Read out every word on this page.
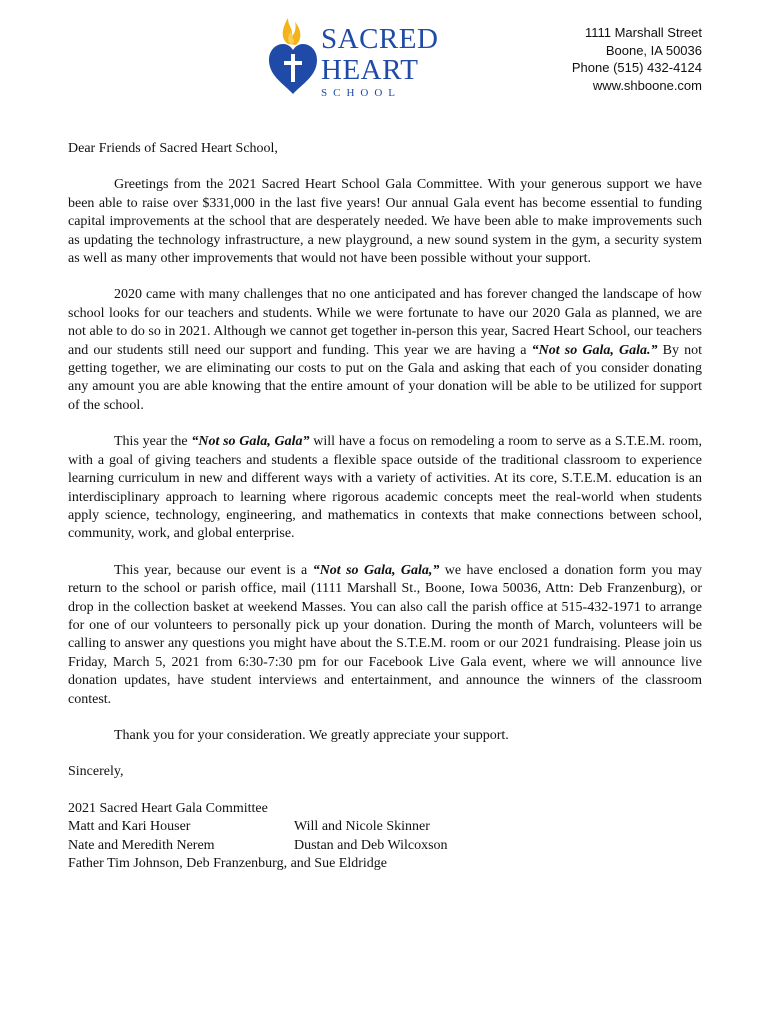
SACRED
HEART
SCHOOL
1111 Marshall Street
Boone, IA 50036
Phone (515) 432-4124
www.shboone.com

Dear Friends of Sacred Heart School,

Greetings from the 2021 Sacred Heart School Gala Committee. With your generous support we have been able to raise over $331,000 in the last five years! Our annual Gala event has become essential to funding capital improvements at the school that are desperately needed. We have been able to make improvements such as updating the technology infrastructure, a new playground, a new sound system in the gym, a security system as well as many other improvements that would not have been possible without your support.

2020 came with many challenges that no one anticipated and has forever changed the landscape of how school looks for our teachers and students. While we were fortunate to have our 2020 Gala as planned, we are not able to do so in 2021. Although we cannot get together in-person this year, Sacred Heart School, our teachers and our students still need our support and funding. This year we are having a “Not so Gala, Gala.” By not getting together, we are eliminating our costs to put on the Gala and asking that each of you consider donating any amount you are able knowing that the entire amount of your donation will be able to be utilized for support of the school.

This year the “Not so Gala, Gala” will have a focus on remodeling a room to serve as a S.T.E.M. room, with a goal of giving teachers and students a flexible space outside of the traditional classroom to experience learning curriculum in new and different ways with a variety of activities. At its core, S.T.E.M. education is an interdisciplinary approach to learning where rigorous academic concepts meet the real-world when students apply science, technology, engineering, and mathematics in contexts that make connections between school, community, work, and global enterprise.

This year, because our event is a “Not so Gala, Gala,” we have enclosed a donation form you may return to the school or parish office, mail (1111 Marshall St., Boone, Iowa 50036, Attn: Deb Franzenburg), or drop in the collection basket at weekend Masses. You can also call the parish office at 515-432-1971 to arrange for one of our volunteers to personally pick up your donation. During the month of March, volunteers will be calling to answer any questions you might have about the S.T.E.M. room or our 2021 fundraising. Please join us Friday, March 5, 2021 from 6:30-7:30 pm for our Facebook Live Gala event, where we will announce live donation updates, have student interviews and entertainment, and announce the winners of the classroom contest.

Thank you for your consideration. We greatly appreciate your support.

Sincerely,

2021 Sacred Heart Gala Committee

Matt and Kari Houser	Will and Nicole Skinner
Nate and Meredith Nerem	Dustan and Deb Wilcoxson

Father Tim Johnson, Deb Franzenburg, and Sue Eldridge
